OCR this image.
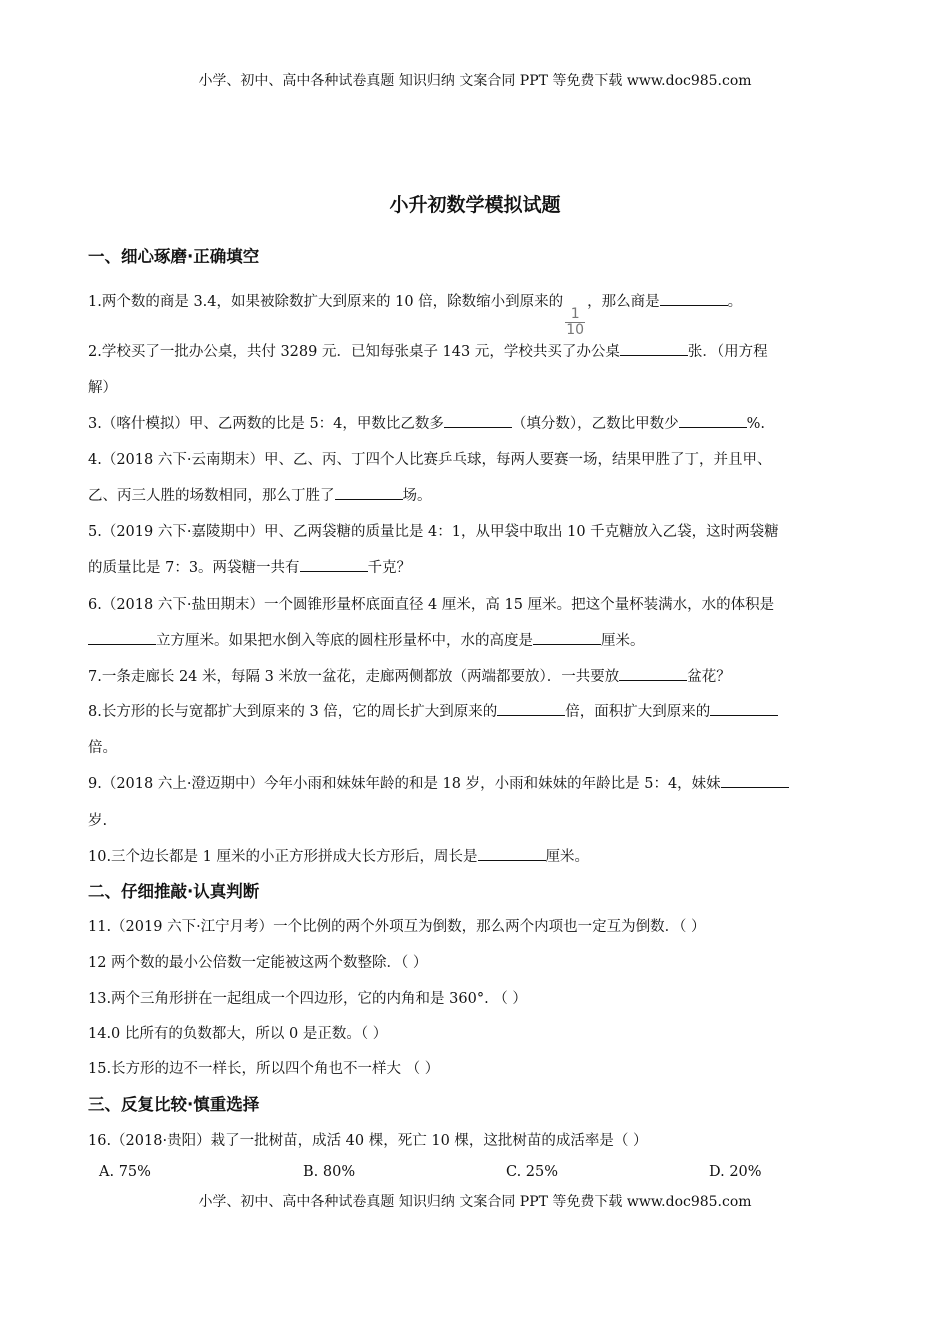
小学、初中、高中各种试卷真题 知识归纳 文案合同 PPT 等免费下载 www.doc985.com
小升初数学模拟试题
一、细心琢磨·正确填空
1.两个数的商是 3.4，如果被除数扩大到原来的 10 倍，除数缩小到原来的
$\frac{1}{10}$
，那么商是	。
2.学校买了一批办公桌，共付 3289 元．已知每张桌子 143 元，学校共买了办公桌	张．（用方程
解）
3.（喀什模拟）甲、乙两数的比是 5：4，甲数比乙数多	（填分数），乙数比甲数少	%.
4.（2018 六下·云南期末）甲、乙、丙、丁四个人比赛乒乓球，每两人要赛一场，结果甲胜了丁，并且甲、
乙、丙三人胜的场数相同，那么丁胜了	场。
5.（2019 六下·嘉陵期中）甲、乙两袋糖的质量比是 4：1，从甲袋中取出 10 千克糖放入乙袋，这时两袋糖
的质量比是 7：3。两袋糖一共有	千克？
6.（2018 六下·盐田期末）一个圆锥形量杯底面直径 4 厘米，高 15 厘米。把这个量杯装满水，水的体积是
立方厘米。如果把水倒入等底的圆柱形量杯中，水的高度是	厘米。
7.一条走廊长 24 米，每隔 3 米放一盆花，走廊两侧都放（两端都要放）．一共要放	盆花？
8.长方形的长与宽都扩大到原来的 3 倍，它的周长扩大到原来的	倍，面积扩大到原来的
倍。
9.（2018 六上·澄迈期中）今年小雨和妹妹年龄的和是 18 岁，小雨和妹妹的年龄比是 5：4，妹妹
岁.
10.三个边长都是 1 厘米的小正方形拼成大长方形后，周长是	厘米。
二、仔细推敲·认真判断
11.（2019 六下·江宁月考）一个比例的两个外项互为倒数，那么两个内项也一定互为倒数．（ ）
12 两个数的最小公倍数一定能被这两个数整除．（ ）
13.两个三角形拼在一起组成一个四边形，它的内角和是 360°. （ ）
14.0 比所有的负数都大，所以 0 是正数。（ ）
15.长方形的边不一样长，所以四个角也不一样大 （ ）
三、反复比较·慎重选择
16.（2018·贵阳）栽了一批树苗，成活 40 棵，死亡 10 棵，这批树苗的成活率是（ ）
A. 75%	B. 80%	C. 25%	D. 20%
小学、初中、高中各种试卷真题 知识归纳 文案合同 PPT 等免费下载 www.doc985.com
